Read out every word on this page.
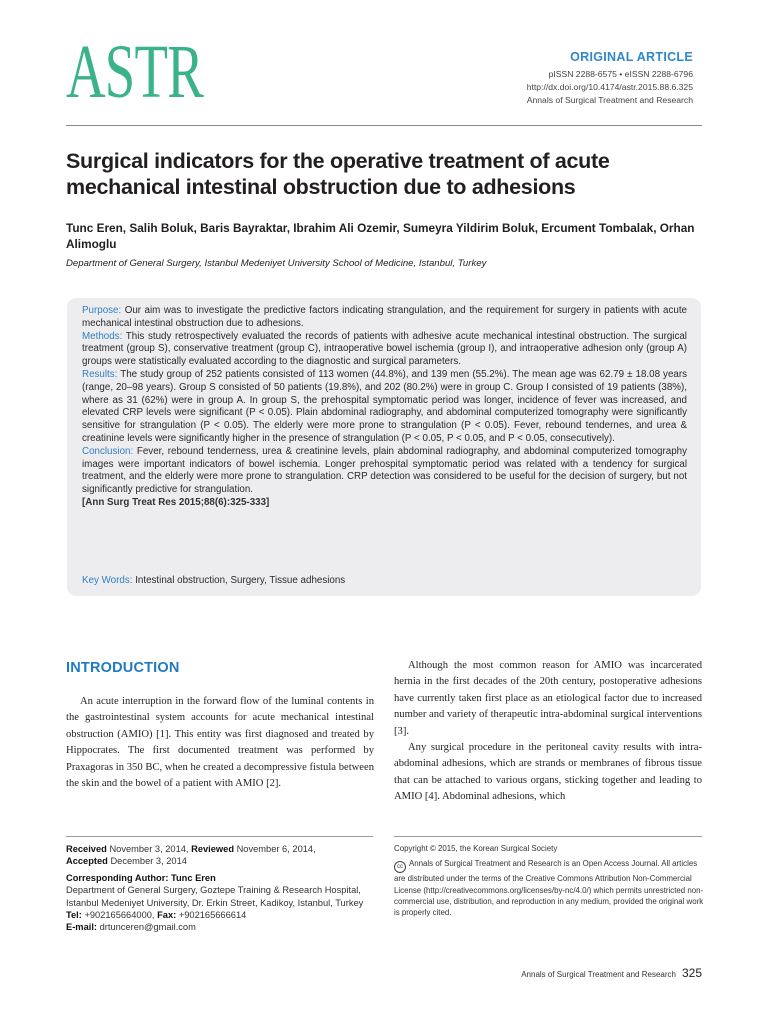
ASTR	ORIGINAL ARTICLE
pISSN 2288-6575 • eISSN 2288-6796
http://dx.doi.org/10.4174/astr.2015.88.6.325
Annals of Surgical Treatment and Research
Surgical indicators for the operative treatment of acute mechanical intestinal obstruction due to adhesions
Tunc Eren, Salih Boluk, Baris Bayraktar, Ibrahim Ali Ozemir, Sumeyra Yildirim Boluk, Ercument Tombalak, Orhan Alimoglu
Department of General Surgery, Istanbul Medeniyet University School of Medicine, Istanbul, Turkey

Purpose: Our aim was to investigate the predictive factors indicating strangulation, and the requirement for surgery in patients with acute mechanical intestinal obstruction due to adhesions.

Methods: This study retrospectively evaluated the records of patients with adhesive acute mechanical intestinal obstruction. The surgical treatment (group S), conservative treatment (group C), intraoperative bowel ischemia (group I), and intraoperative adhesion only (group A) groups were statistically evaluated according to the diagnostic and surgical parameters.

Results: The study group of 252 patients consisted of 113 women (44.8%), and 139 men (55.2%). The mean age was 62.79 ± 18.08 years (range, 20–98 years). Group S consisted of 50 patients (19.8%), and 202 (80.2%) were in group C. Group I consisted of 19 patients (38%), where as 31 (62%) were in group A. In group S, the prehospital symptomatic period was longer, incidence of fever was increased, and elevated CRP levels were significant (P < 0.05). Plain abdominal radiography, and abdominal computerized tomography were significantly sensitive for strangulation (P < 0.05). The elderly were more prone to strangulation (P < 0.05). Fever, rebound tendernes, and urea & creatinine levels were significantly higher in the presence of strangulation (P < 0.05, P < 0.05, and P < 0.05, consecutively).

Conclusion: Fever, rebound tenderness, urea & creatinine levels, plain abdominal radiography, and abdominal computerized tomography images were important indicators of bowel ischemia. Longer prehospital symptomatic period was related with a tendency for surgical treatment, and the elderly were more prone to strangulation. CRP detection was considered to be useful for the decision of surgery, but not significantly predictive for strangulation.

[Ann Surg Treat Res 2015;88(6):325-333]

Key Words: Intestinal obstruction, Surgery, Tissue adhesions
INTRODUCTION

An acute interruption in the forward flow of the luminal contents in the gastrointestinal system accounts for acute mechanical intestinal obstruction (AMIO) [1]. This entity was first diagnosed and treated by Hippocrates. The first documented treatment was performed by Praxagoras in 350 BC, when he created a decompressive fistula between the skin and the bowel of a patient with AMIO [2].

Although the most common reason for AMIO was incarcerated hernia in the first decades of the 20th century, postoperative adhesions have currently taken first place as an etiological factor due to increased number and variety of therapeutic intra-abdominal surgical interventions [3].

Any surgical procedure in the peritoneal cavity results with intra-abdominal adhesions, which are strands or membranes of fibrous tissue that can be attached to various organs, sticking together and leading to AMIO [4]. Abdominal adhesions, which

Received November 3, 2014, Reviewed November 6, 2014,
Accepted December 3, 2014
Corresponding Author: Tunc Eren
Department of General Surgery, Goztepe Training & Research Hospital, Istanbul Medeniyet University, Dr. Erkin Street, Kadikoy, Istanbul, Turkey
Tel: +902165664000, Fax: +902165666614
E-mail: drtunceren@gmail.com
Copyright © 2015, the Korean Surgical Society
cc Annals of Surgical Treatment and Research is an Open Access Journal. All articles are distributed under the terms of the Creative Commons Attribution Non-Commercial License (http://creativecommons.org/licenses/by-nc/4.0/) which permits unrestricted non-commercial use, distribution, and reproduction in any medium, provided the original work is properly cited.
Annals of Surgical Treatment and Research 325
